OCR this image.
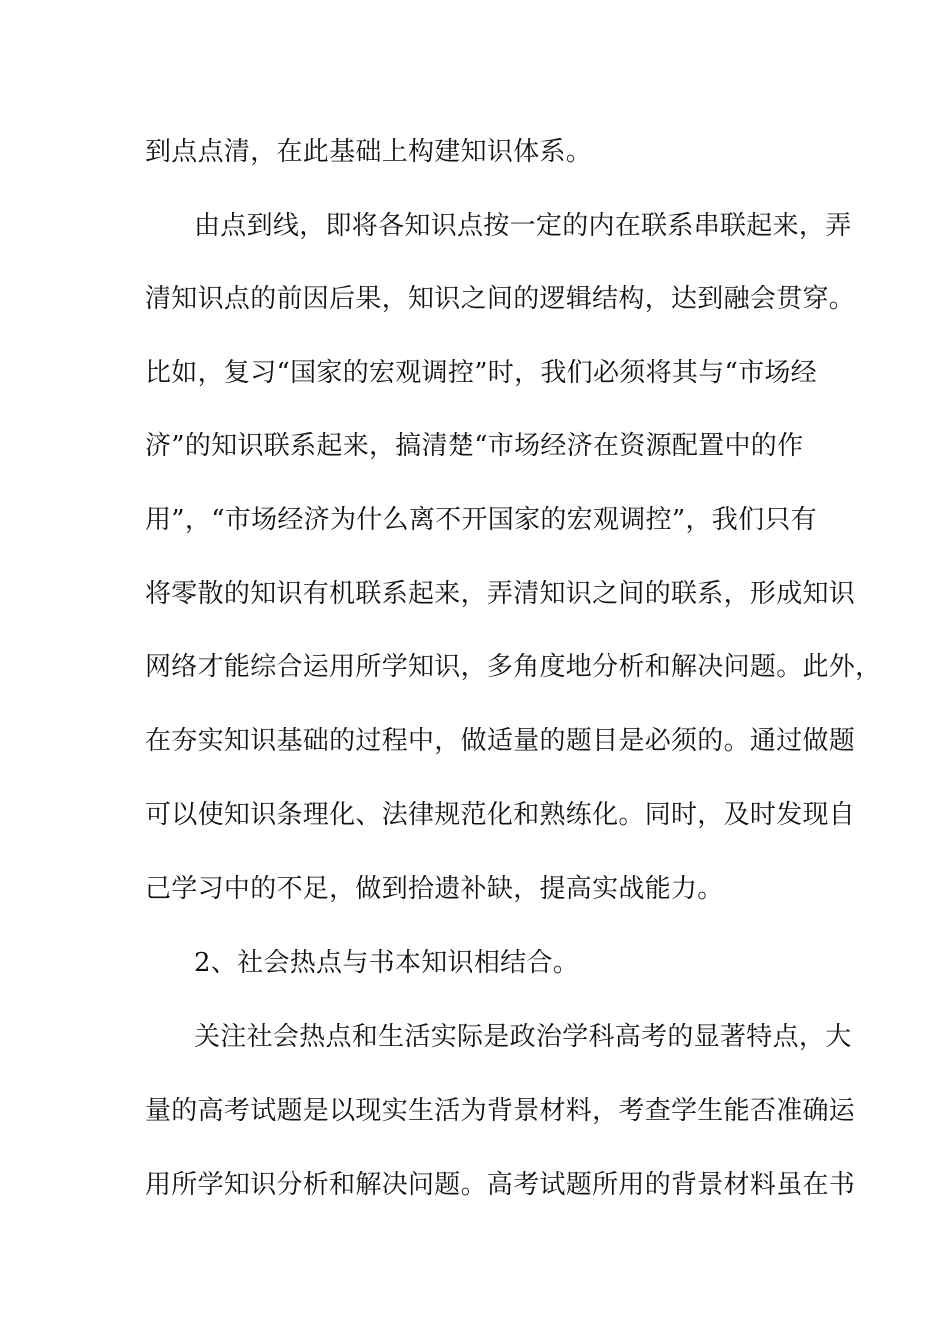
到点点清，在此基础上构建知识体系。

由点到线，即将各知识点按一定的内在联系串联起来，弄

清知识点的前因后果，知识之间的逻辑结构，达到融会贯穿。

比如，复习“国家的宏观调控”时，我们必须将其与“市场经

济”的知识联系起来，搞清楚“市场经济在资源配置中的作

用”，“市场经济为什么离不开国家的宏观调控”，我们只有

将零散的知识有机联系起来，弄清知识之间的联系，形成知识

网络才能综合运用所学知识，多角度地分析和解决问题。此外，

在夯实知识基础的过程中，做适量的题目是必须的。通过做题

可以使知识条理化、法律规范化和熟练化。同时，及时发现自

己学习中的不足，做到拾遗补缺，提高实战能力。

2、社会热点与书本知识相结合。

关注社会热点和生活实际是政治学科高考的显著特点，大

量的高考试题是以现实生活为背景材料，考查学生能否准确运

用所学知识分析和解决问题。高考试题所用的背景材料虽在书
